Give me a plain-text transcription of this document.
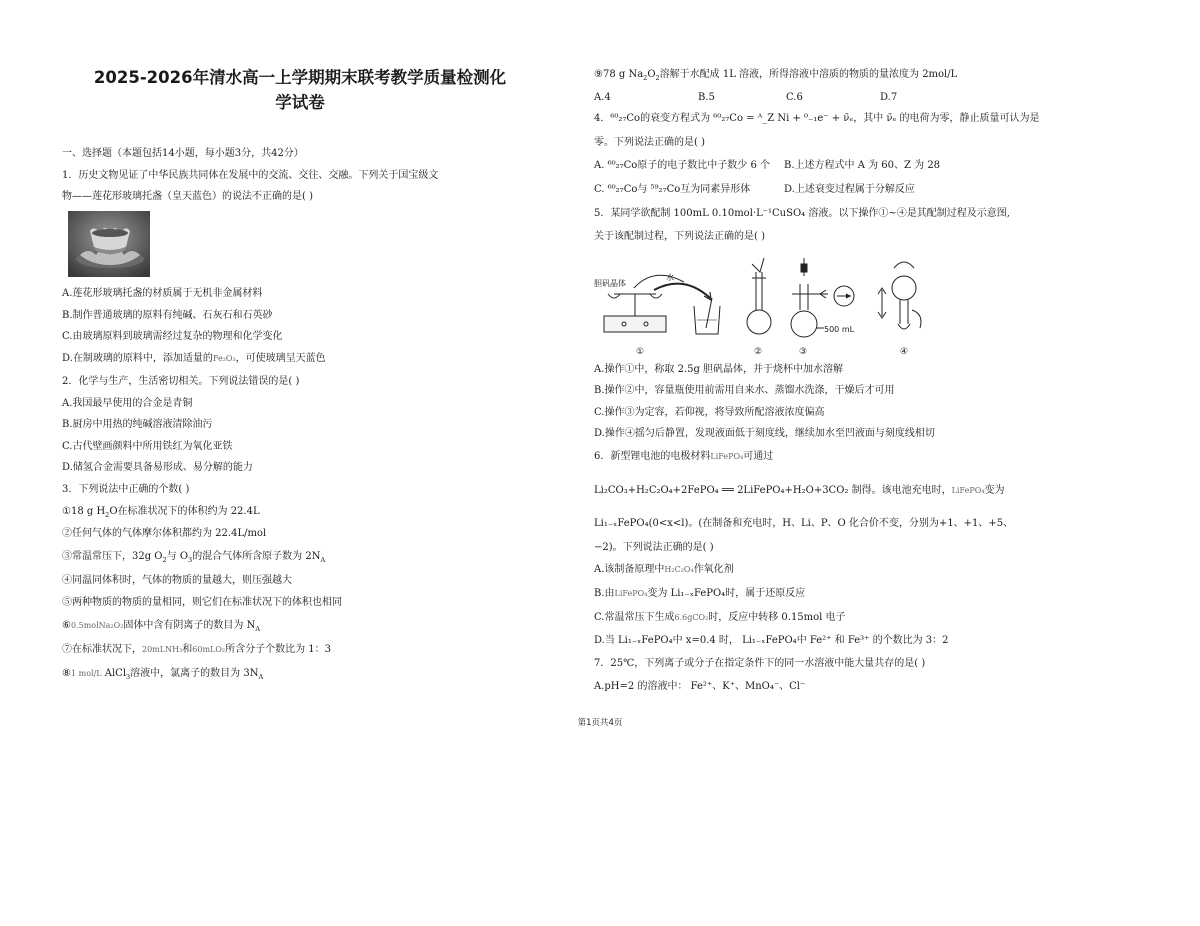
2025-2026年清水高一上学期期末联考教学质量检测化
学试卷
一、选择题（本题包括14小题，每小题3分，共42分）
1．历史文物见证了中华民族共同体在发展中的交流、交往、交融。下列关于国宝级文
物——莲花形玻璃托盏（皇天蓝色）的说法不正确的是( )
A.莲花形玻璃托盏的材质属于无机非金属材料
B.制作普通玻璃的原料有纯碱、石灰石和石英砂
C.由玻璃原料到玻璃需经过复杂的物理和化学变化
D.在制玻璃的原料中，添加适量的Fe₂O₃，可使玻璃呈天蓝色
2．化学与生产，生活密切相关。下列说法错误的是( )
A.我国最早使用的合金是青铜
B.厨房中用热的纯碱溶液清除油污
C.古代壁画颜料中所用铁红为氧化亚铁
D.储氢合金需要具备易形成、易分解的能力
3．下列说法中正确的个数( )
①18 g $H_2O$在标准状况下的体积约为 22.4L
②任何气体的气体摩尔体积都约为 22.4L/mol
③常温常压下，32g $O_2$与 $O_3$的混合气体所含原子数为 $2N_A$
④同温同体积时，气体的物质的量越大，则压强越大
⑤两种物质的物质的量相同，则它们在标准状况下的体积也相同
⑥0.5molNa₂O₂固体中含有阴离子的数目为 $N_A$
⑦在标准状况下，20mLNH₃和60mLO₂所含分子个数比为 1：3
⑧1 mol/L AlCl$_3$溶液中，氯离子的数目为 $3N_A$
⑨78 g $Na_2O_2$溶解于水配成 1L 溶液，所得溶液中溶质的物质的量浓度为 2mol/L
A.4	B.5	C.6	D.7
4．⁶⁰₂₇Co的衰变方程式为 ⁶⁰₂₇Co = ᴬ_Z Ni + ⁰₋₁e⁻ + ν̄ₑ，其中 ν̄ₑ 的电荷为零，静止质量可认为是
零。下列说法正确的是( )
A. ⁶⁰₂₇Co原子的电子数比中子数少 6 个 B.上述方程式中 A 为 60、Z 为 28
C. ⁶⁰₂₇Co与 ⁵⁹₂₇Co互为同素异形体	D.上述衰变过程属于分解反应
5．某同学欲配制 100mL 0.10mol·L⁻¹CuSO₄ 溶液。以下操作①~④是其配制过程及示意图,
关于该配制过程，下列说法正确的是( )
胆矾晶体
水
①	②
500 mL
③	④
A.操作①中，称取 2.5g 胆矾晶体，并于烧杯中加水溶解
B.操作②中，容量瓶使用前需用自来水、蒸馏水洗涤，干燥后才可用
C.操作③为定容，若仰视，将导致所配溶液浓度偏高
D.操作④摇匀后静置，发现液面低于刻度线，继续加水至凹液面与刻度线相切
6．新型锂电池的电极材料LiFePO₄可通过
Li₂CO₃+H₂C₂O₄+2FePO₄ ══ 2LiFePO₄+H₂O+3CO₂ 制得。该电池充电时，LiFePO₄变为
Li₁₋ₓFePO₄(0<x<l)。(在制备和充电时，H、Li、P、O 化合价不变，分别为+1、+1、+5、
−2)。下列说法正确的是( )
A.该制备原理中H₂C₂O₄作氧化剂
B.由LiFePO₄变为 Li₁₋ₓFePO₄时，属于还原反应
C.常温常压下生成6.6gCO₂时，反应中转移 0.15mol 电子
D.当 Li₁₋ₓFePO₄中 x=0.4 时， Li₁₋ₓFePO₄中 Fe²⁺ 和 Fe³⁺ 的个数比为 3：2
7．25℃，下列离子或分子在指定条件下的同一水溶液中能大量共存的是( )
A.pH=2 的溶液中： Fe²⁺、K⁺、MnO₄⁻、Cl⁻
第1页共4页
